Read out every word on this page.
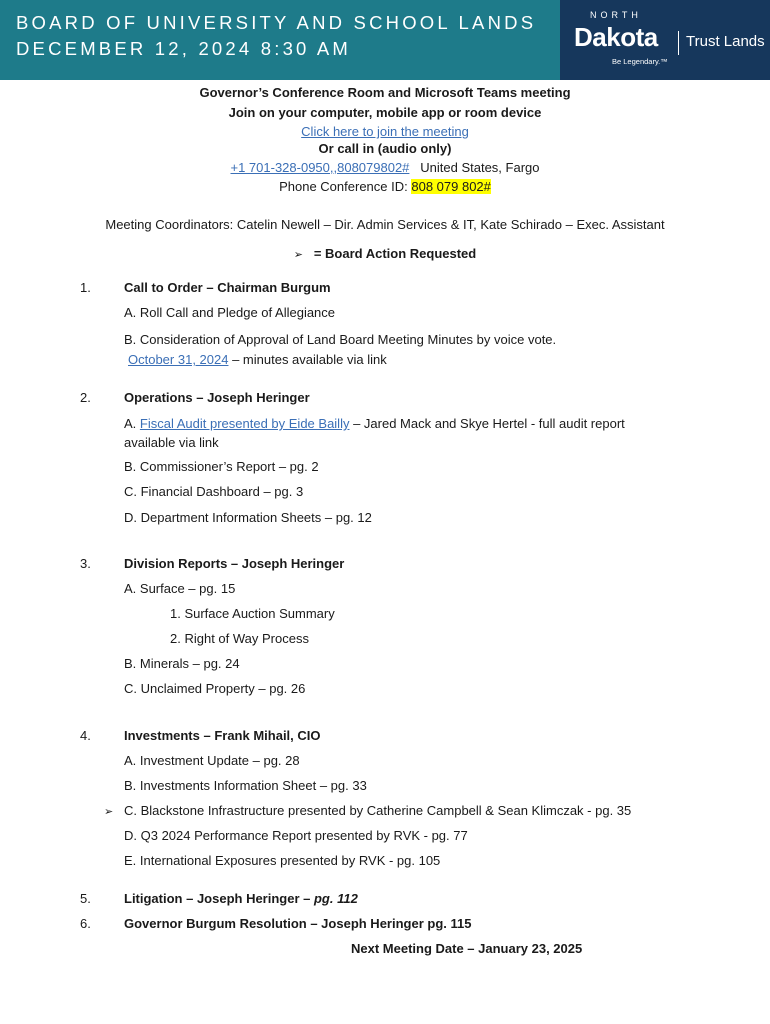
BOARD OF UNIVERSITY AND SCHOOL LANDS
DECEMBER 12, 2024 8:30 AM
NORTH
Dakota Trust Lands
Be Legendary.™
Governor’s Conference Room and Microsoft Teams meeting
Join on your computer, mobile app or room device
Click here to join the meeting
Or call in (audio only)
+1 701-328-0950,,808079802# United States, Fargo
Phone Conference ID: 808 079 802#
Meeting Coordinators: Catelin Newell – Dir. Admin Services & IT, Kate Schirado – Exec. Assistant
➢ = Board Action Requested
1.	Call to Order – Chairman Burgum
A. Roll Call and Pledge of Allegiance
B. Consideration of Approval of Land Board Meeting Minutes by voice vote.
October 31, 2024 – minutes available via link
2.	Operations – Joseph Heringer
A. Fiscal Audit presented by Eide Bailly – Jared Mack and Skye Hertel - full audit report available via link
B. Commissioner’s Report – pg. 2
C. Financial Dashboard – pg. 3
D. Department Information Sheets – pg. 12
3.	Division Reports – Joseph Heringer
A. Surface – pg. 15
1. Surface Auction Summary
2. Right of Way Process
B. Minerals – pg. 24
C. Unclaimed Property – pg. 26
4.	Investments – Frank Mihail, CIO
A. Investment Update – pg. 28
B. Investments Information Sheet – pg. 33
➢ C. Blackstone Infrastructure presented by Catherine Campbell & Sean Klimczak - pg. 35
D. Q3 2024 Performance Report presented by RVK - pg. 77
E. International Exposures presented by RVK - pg. 105
5.	Litigation – Joseph Heringer – pg. 112
6.	Governor Burgum Resolution – Joseph Heringer pg. 115
Next Meeting Date – January 23, 2025
